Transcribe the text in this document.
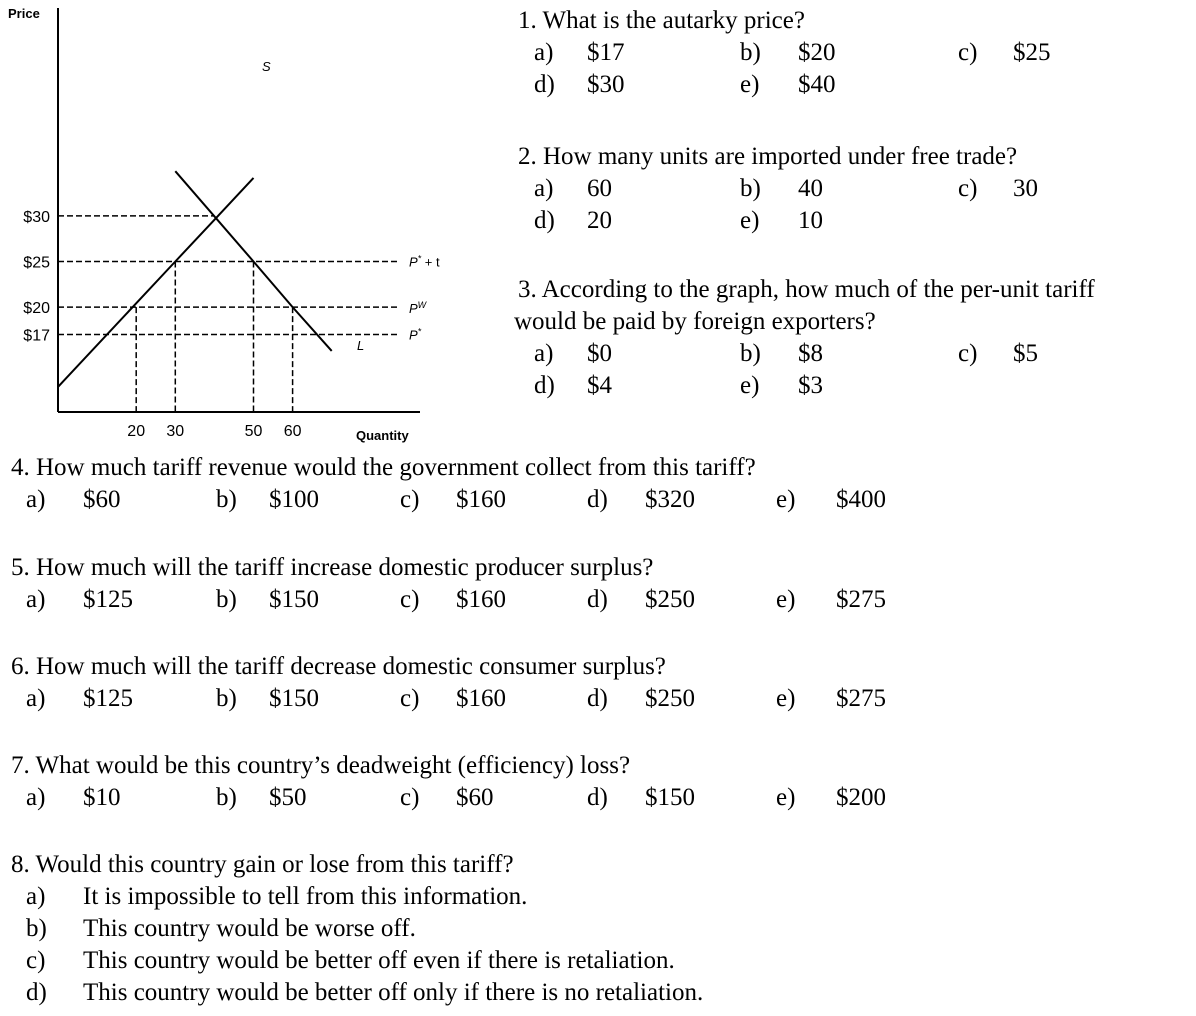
Price
Quantity
$30
$25
$20
$17
20 30	50 60
S
L
P* + t
$P^W$
P*
1. What is the autarky price?
a) $17	b) $20	c) $25
d) $30	e) $40
2. How many units are imported under free trade?
a) 60	b) 40	c) 30
d) 20	e) 10
3. According to the graph, how much of the per-unit tariff
would be paid by foreign exporters?
a) $0	b) $8	c) $5
d) $4	e) $3
4. How much tariff revenue would the government collect from this tariff?
a) $60	b) $100	c) $160	d) $320	e) $400
5. How much will the tariff increase domestic producer surplus?
a) $125	b) $150	c) $160	d) $250	e) $275
6. How much will the tariff decrease domestic consumer surplus?
a) $125	b) $150	c) $160	d) $250	e) $275
7. What would be this country’s deadweight (efficiency) loss?
a) $10	b) $50	c) $60	d) $150	e) $200
8. Would this country gain or lose from this tariff?
a) It is impossible to tell from this information.
b) This country would be worse off.
c) This country would be better off even if there is retaliation.
d) This country would be better off only if there is no retaliation.
